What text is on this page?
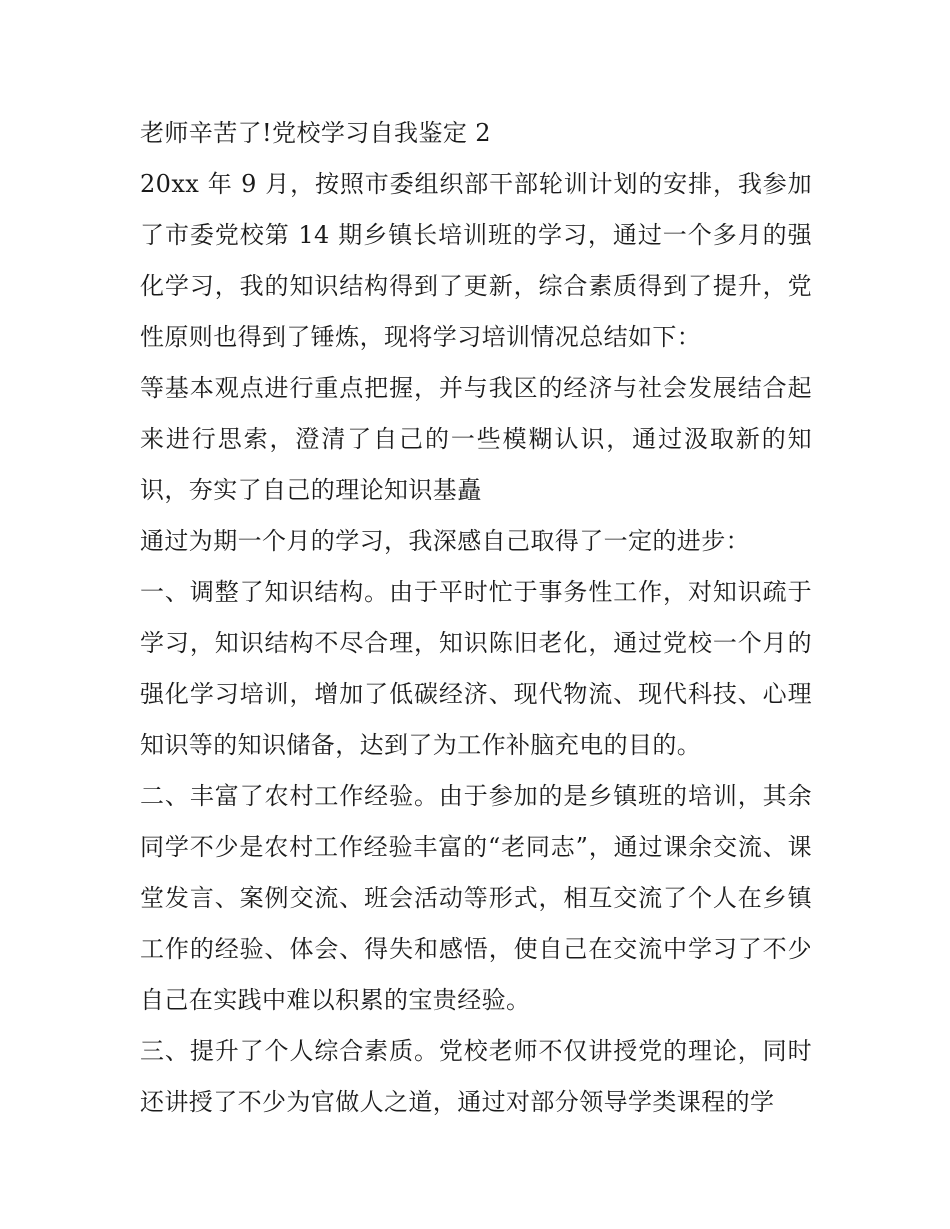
老师辛苦了!党校学习自我鉴定 2

20xx 年 9 月，按照市委组织部干部轮训计划的安排，我参加了市委党校第 14 期乡镇长培训班的学习，通过一个多月的强化学习，我的知识结构得到了更新，综合素质得到了提升，党性原则也得到了锤炼，现将学习培训情况总结如下：

等基本观点进行重点把握，并与我区的经济与社会发展结合起来进行思索，澄清了自己的一些模糊认识，通过汲取新的知识，夯实了自己的理论知识基矗

通过为期一个月的学习，我深感自己取得了一定的进步：

一、调整了知识结构。由于平时忙于事务性工作，对知识疏于学习，知识结构不尽合理，知识陈旧老化，通过党校一个月的强化学习培训，增加了低碳经济、现代物流、现代科技、心理知识等的知识储备，达到了为工作补脑充电的目的。

二、丰富了农村工作经验。由于参加的是乡镇班的培训，其余同学不少是农村工作经验丰富的“老同志”，通过课余交流、课堂发言、案例交流、班会活动等形式，相互交流了个人在乡镇工作的经验、体会、得失和感悟，使自己在交流中学习了不少自己在实践中难以积累的宝贵经验。

三、提升了个人综合素质。党校老师不仅讲授党的理论，同时还讲授了不少为官做人之道，通过对部分领导学类课程的学
